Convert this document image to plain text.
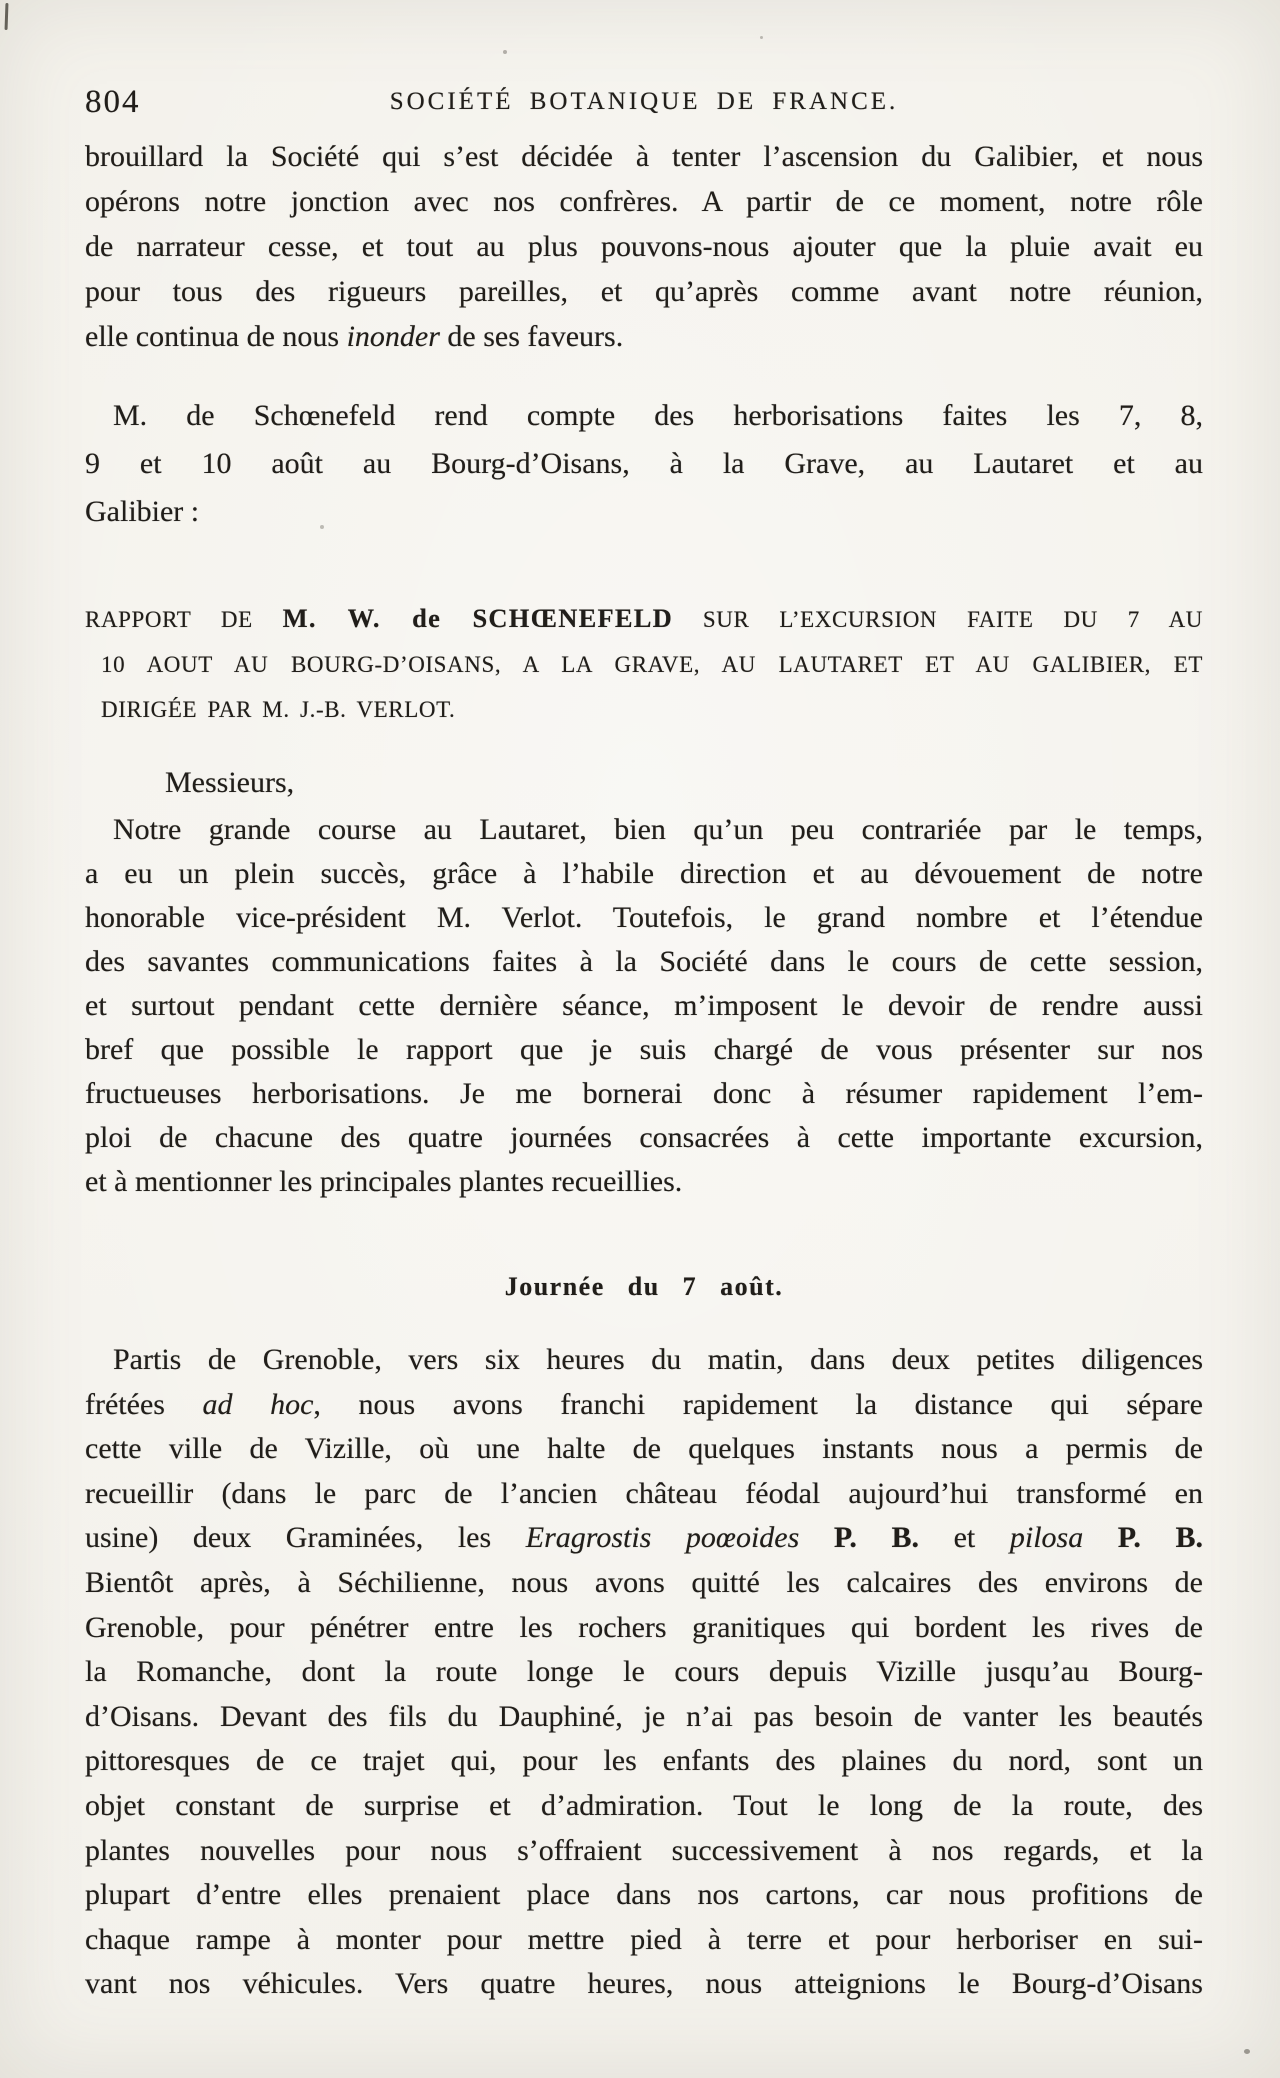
804	SOCIÉTÉ BOTANIQUE DE FRANCE.
brouillard la Société qui s’est décidée à tenter l’ascension du Galibier, et nous
opérons notre jonction avec nos confrères. A partir de ce moment, notre rôle
de narrateur cesse, et tout au plus pouvons-nous ajouter que la pluie avait eu
pour tous des rigueurs pareilles, et qu’après comme avant notre réunion,
elle continua de nous inonder de ses faveurs.
M. de Schœnefeld rend compte des herborisations faites les 7, 8,
9 et 10 août au Bourg-d’Oisans, à la Grave, au Lautaret et au
Galibier :
RAPPORT DE M. W. de SCHŒNEFELD SUR L’EXCURSION FAITE DU 7 AU
10 AOUT AU BOURG-D’OISANS, A LA GRAVE, AU LAUTARET ET AU GALIBIER, ET
DIRIGÉE PAR M. J.-B. VERLOT.
Messieurs,
Notre grande course au Lautaret, bien qu’un peu contrariée par le temps,
a eu un plein succès, grâce à l’habile direction et au dévouement de notre
honorable vice-président M. Verlot. Toutefois, le grand nombre et l’étendue
des savantes communications faites à la Société dans le cours de cette session,
et surtout pendant cette dernière séance, m’imposent le devoir de rendre aussi
bref que possible le rapport que je suis chargé de vous présenter sur nos
fructueuses herborisations. Je me bornerai donc à résumer rapidement l’em-
ploi de chacune des quatre journées consacrées à cette importante excursion,
et à mentionner les principales plantes recueillies.
Journée du 7 août.
Partis de Grenoble, vers six heures du matin, dans deux petites diligences
frétées ad hoc, nous avons franchi rapidement la distance qui sépare
cette ville de Vizille, où une halte de quelques instants nous a permis de
recueillir (dans le parc de l’ancien château féodal aujourd’hui transformé en
usine) deux Graminées, les Eragrostis poœoides P. B. et pilosa P. B.
Bientôt après, à Séchilienne, nous avons quitté les calcaires des environs de
Grenoble, pour pénétrer entre les rochers granitiques qui bordent les rives de
la Romanche, dont la route longe le cours depuis Vizille jusqu’au Bourg-
d’Oisans. Devant des fils du Dauphiné, je n’ai pas besoin de vanter les beautés
pittoresques de ce trajet qui, pour les enfants des plaines du nord, sont un
objet constant de surprise et d’admiration. Tout le long de la route, des
plantes nouvelles pour nous s’offraient successivement à nos regards, et la
plupart d’entre elles prenaient place dans nos cartons, car nous profitions de
chaque rampe à monter pour mettre pied à terre et pour herboriser en sui-
vant nos véhicules. Vers quatre heures, nous atteignions le Bourg-d’Oisans
